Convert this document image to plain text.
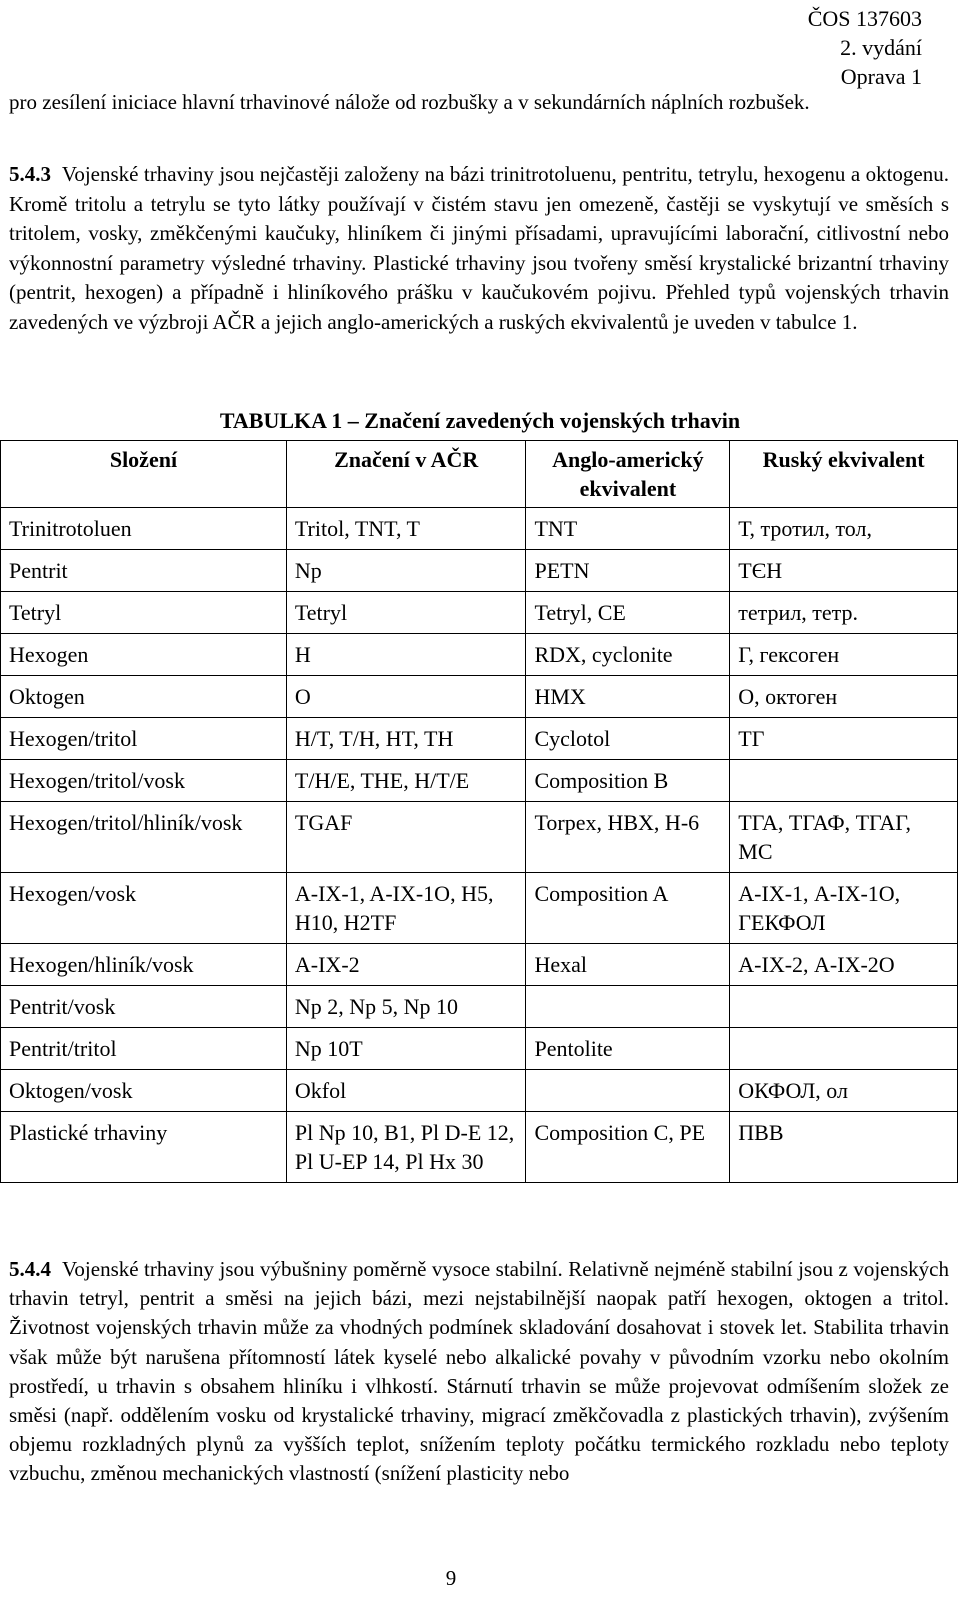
ČOS 137603
2. vydání
Oprava 1

pro zesílení iniciace hlavní trhavinové nálože od rozbušky a v sekundárních náplních rozbušek.

5.4.3 Vojenské trhaviny jsou nejčastěji založeny na bázi trinitrotoluenu, pentritu, tetrylu, hexogenu a oktogenu. Kromě tritolu a tetrylu se tyto látky používají v čistém stavu jen omezeně, častěji se vyskytují ve směsích s tritolem, vosky, změkčenými kaučuky, hliníkem či jinými přísadami, upravujícími laborační, citlivostní nebo výkonnostní parametry výsledné trhaviny. Plastické trhaviny jsou tvořeny směsí krystalické brizantní trhaviny (pentrit, hexogen) a případně i hliníkového prášku v kaučukovém pojivu. Přehled typů vojenských trhavin zavedených ve výzbroji AČR a jejich anglo-amerických a ruských ekvivalentů je uveden v tabulce 1.

TABULKA 1 – Značení zavedených vojenských trhavin
Složení	Značení v AČR	Anglo-americký ekvivalent	Ruský ekvivalent
Trinitrotoluen	Tritol, TNT, T	TNT	Т, тротил, тол,
Pentrit	Np	PETN	ТЄН
Tetryl	Tetryl	Tetryl, CE	тетрил, тетр.
Hexogen	H	RDX, cyclonite	Г, гексоген
Oktogen	O	HMX	О, октоген
Hexogen/tritol	H/T, T/H, HT, TH	Cyclotol	ТГ
Hexogen/tritol/vosk	T/H/E, THE, H/T/E	Composition B	
Hexogen/tritol/hliník/vosk	TGAF	Torpex, HBX, H-6	ТГА, ТГАФ, ТГАГ, МС
Hexogen/vosk	A-IX-1, A-IX-1O, H5, H10, H2TF	Composition A	А-IX-1, А-IX-1О, ГЕКФОЛ
Hexogen/hliník/vosk	A-IX-2	Hexal	А-IX-2, А-IX-2О
Pentrit/vosk	Np 2, Np 5, Np 10		
Pentrit/tritol	Np 10T	Pentolite	
Oktogen/vosk	Okfol		ОКФОЛ, ол
Plastické trhaviny	Pl Np 10, B1, Pl D-E 12, Pl U-EP 14, Pl Hx 30	Composition C, PE	ПВВ

5.4.4 Vojenské trhaviny jsou výbušniny poměrně vysoce stabilní. Relativně nejméně stabilní jsou z vojenských trhavin tetryl, pentrit a směsi na jejich bázi, mezi nejstabilnější naopak patří hexogen, oktogen a tritol. Životnost vojenských trhavin může za vhodných podmínek skladování dosahovat i stovek let. Stabilita trhavin však může být narušena přítomností látek kyselé nebo alkalické povahy v původním vzorku nebo okolním prostředí, u trhavin s obsahem hliníku i vlhkostí. Stárnutí trhavin se může projevovat odmíšením složek ze směsi (např. oddělením vosku od krystalické trhaviny, migrací změkčovadla z plastických trhavin), zvýšením objemu rozkladných plynů za vyšších teplot, snížením teploty počátku termického rozkladu nebo teploty vzbuchu, změnou mechanických vlastností (snížení plasticity nebo

9
